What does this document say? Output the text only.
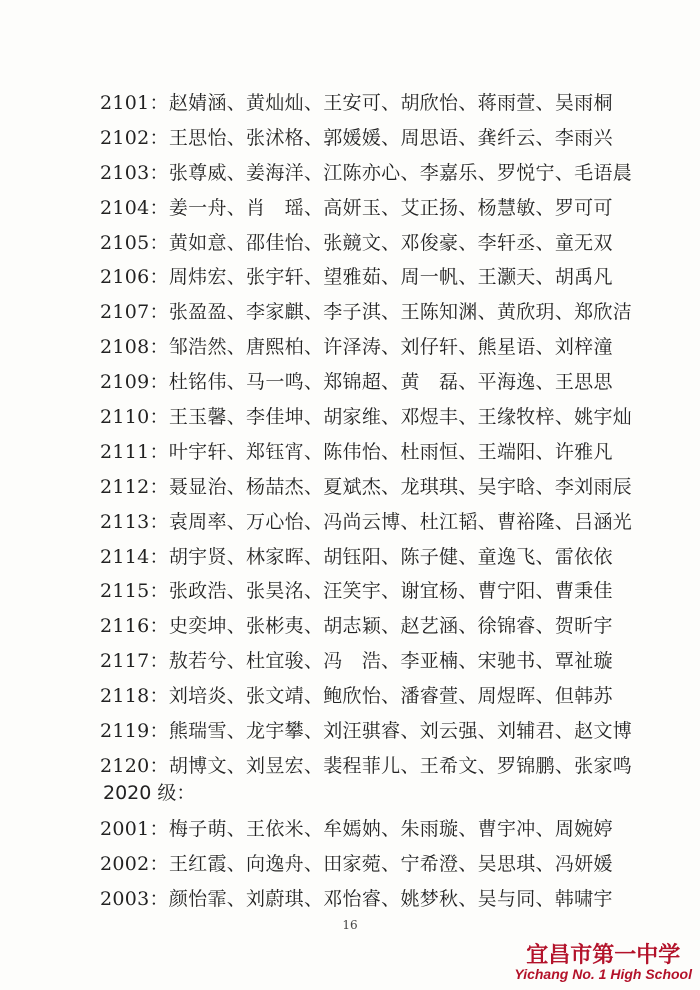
2101：赵婧涵、黄灿灿、王安可、胡欣怡、蒋雨萱、吴雨桐
2102：王思怡、张沭格、郭媛媛、周思语、龚纤云、李雨兴
2103：张尊威、姜海洋、江陈亦心、李嘉乐、罗悦宁、毛语晨
2104：姜一舟、肖　瑶、高妍玉、艾正扬、杨慧敏、罗可可
2105：黄如意、邵佳怡、张竸文、邓俊豪、李轩丞、童无双
2106：周炜宏、张宇轩、望雅茹、周一帆、王灏天、胡禹凡
2107：张盈盈、李家麒、李子淇、王陈知渊、黄欣玥、郑欣洁
2108：邹浩然、唐熙柏、许泽涛、刘仔轩、熊星语、刘梓潼
2109：杜铭伟、马一鸣、郑锦超、黄　磊、平海逸、王思思
2110：王玉馨、李佳坤、胡家维、邓煜丰、王缘牧梓、姚宇灿
2111：叶宇轩、郑钰宵、陈伟怡、杜雨恒、王端阳、许雅凡
2112：聂显治、杨喆杰、夏斌杰、龙琪琪、吴宇晗、李刘雨辰
2113：袁周率、万心怡、冯尚云博、杜江韬、曹裕隆、吕涵光
2114：胡宇贤、林家晖、胡钰阳、陈子健、童逸飞、雷依依
2115：张政浩、张昊洺、汪笑宇、谢宜杨、曹宁阳、曹秉佳
2116：史奕坤、张彬夷、胡志颖、赵艺涵、徐锦睿、贺昕宇
2117：敖若兮、杜宜骏、冯　浩、李亚楠、宋驰书、覃祉璇
2118：刘培炎、张文靖、鲍欣怡、潘睿萱、周煜晖、但韩苏
2119：熊瑞雪、龙宇攀、刘汪骐睿、刘云强、刘辅君、赵文博
2120：胡博文、刘昱宏、裴程菲儿、王希文、罗锦鹏、张家鸣
2020 级：
2001：梅子萌、王依米、牟嫣妠、朱雨璇、曹宇冲、周婉婷
2002：王红霞、向逸舟、田家菀、宁希澄、吴思琪、冯妍媛
2003：颜怡霏、刘蔚琪、邓怡睿、姚梦秋、吴与同、韩啸宇
16
宜昌市第一中学
Yichang No. 1 High School
